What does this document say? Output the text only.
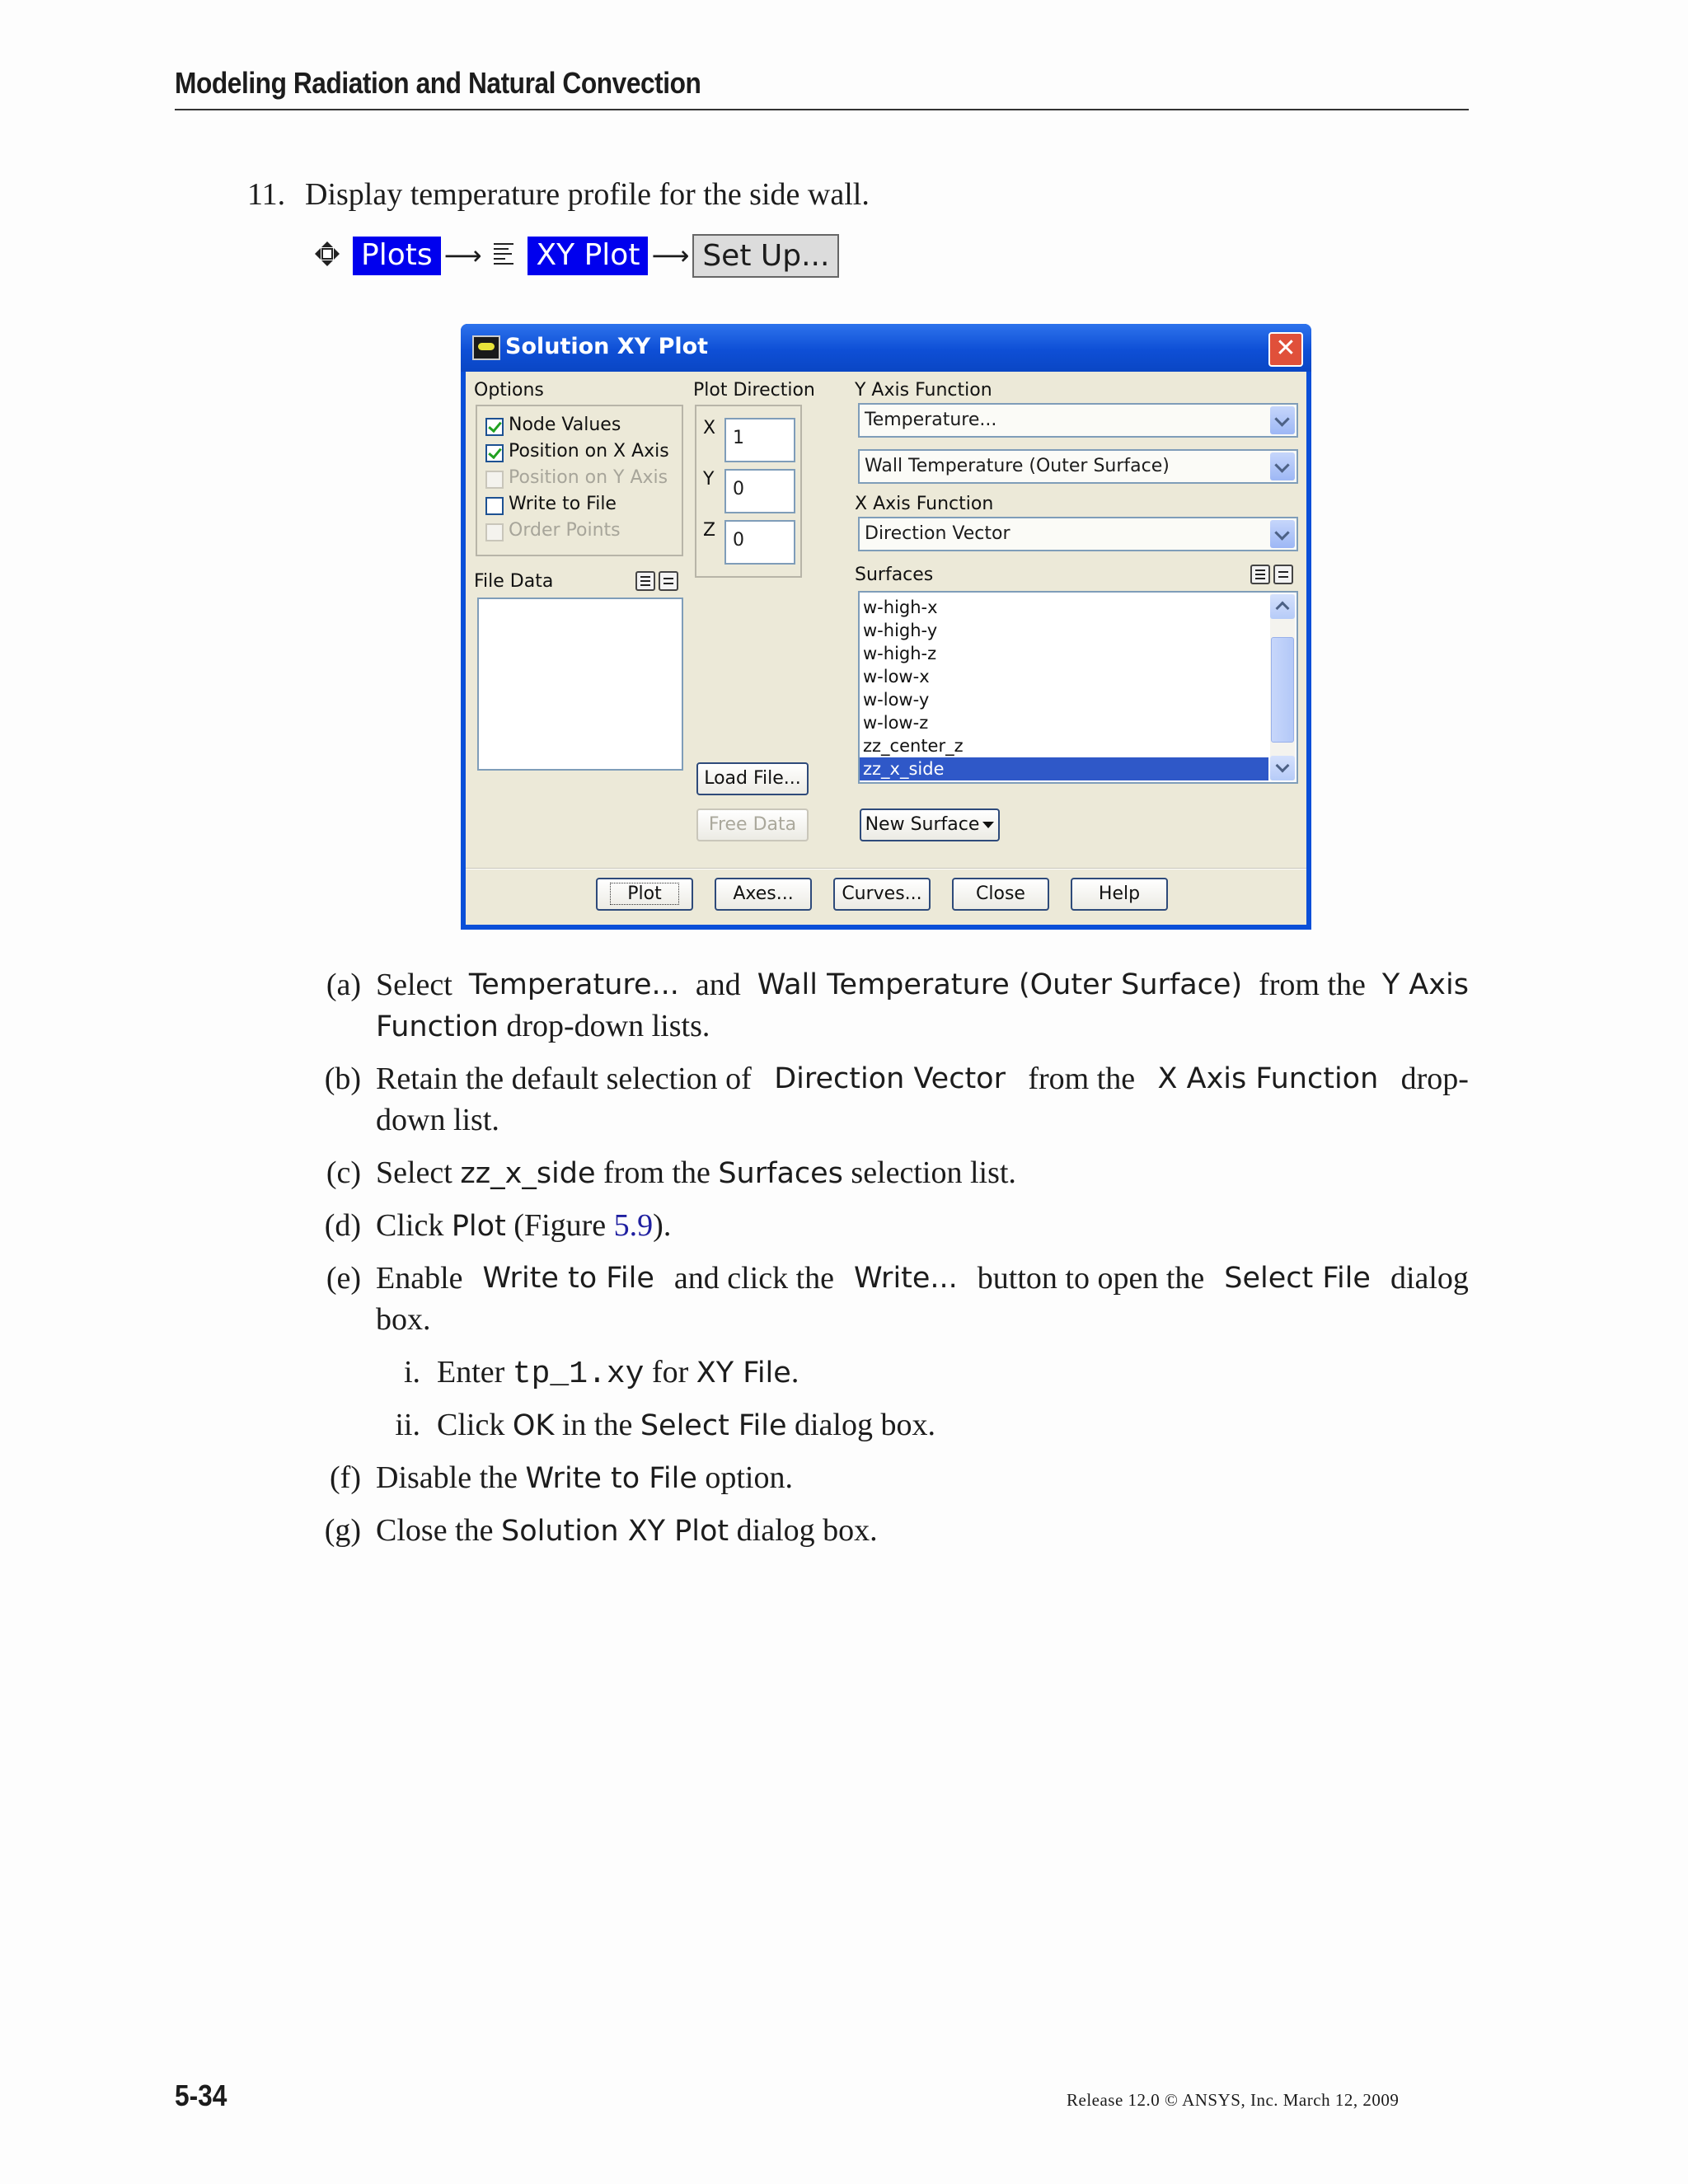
Modeling Radiation and Natural Convection
11. Display temperature profile for the side wall.
Plots ⟶ XY Plot ⟶ Set Up...
Solution XY Plot	✕
Options
Node Values
Position on X Axis
Position on Y Axis
Write to File
Order Points
File Data
Plot Direction
X 1
Y	0
Z 0
Load File...
Free Data
Y Axis Function
Temperature...
Wall Temperature (Outer Surface)
X Axis Function
Direction Vector
Surfaces
w-high-x
w-high-y
w-high-z
w-low-x
w-low-y
w-low-z
zz_center_z
zz_x_side
New Surface
Plot	Axes...	Curves...	Close	Help
(a) Select Temperature... and Wall Temperature (Outer Surface) from the Y Axis
Function drop-down lists.
(b) Retain the default selection of Direction Vector from the X Axis Function drop-
down list.
(c) Select zz_x_side from the Surfaces selection list.
(d) Click Plot (Figure 5.9).
(e) Enable Write to File and click the Write... button to open the Select File dialog
box.
i. Enter tp_1.xy for XY File.
ii. Click OK in the Select File dialog box.
(f) Disable the Write to File option.
(g) Close the Solution XY Plot dialog box.
5-34	Release 12.0 © ANSYS, Inc. March 12, 2009
